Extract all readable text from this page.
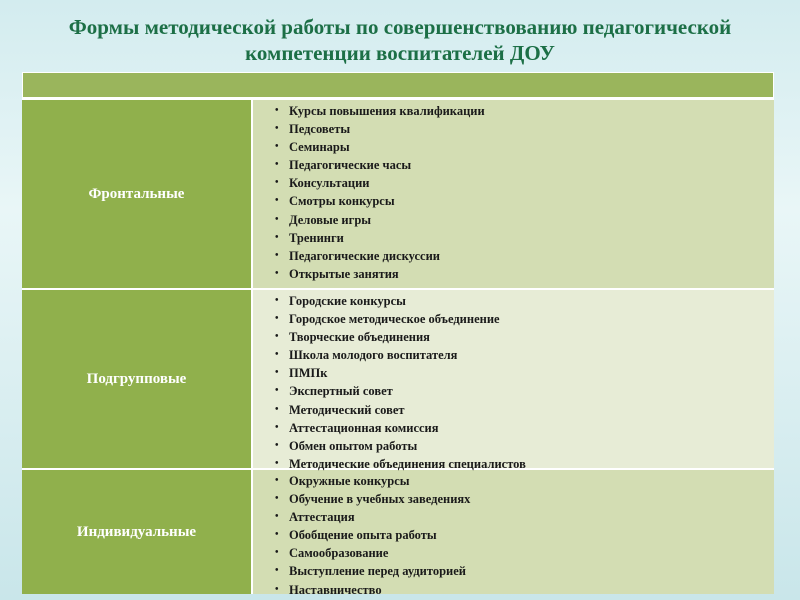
Формы методической работы по совершенствованию педагогической
компетенции воспитателей ДОУ
Фронтальные
• Курсы повышения квалификации
• Педсоветы
• Семинары
• Педагогические часы
• Консультации
• Смотры конкурсы
• Деловые игры
• Тренинги
• Педагогические дискуссии
• Открытые занятия
Подгрупповые
• Городские конкурсы
• Городское методическое объединение
• Творческие объединения
• Школа молодого воспитателя
• ПМПк
• Экспертный совет
• Методический совет
• Аттестационная комиссия
• Обмен опытом работы
• Методические объединения специалистов
Индивидуальные
• Окружные конкурсы
• Обучение в учебных заведениях
• Аттестация
• Обобщение опыта работы
• Самообразование
• Выступление перед аудиторией
• Наставничество
